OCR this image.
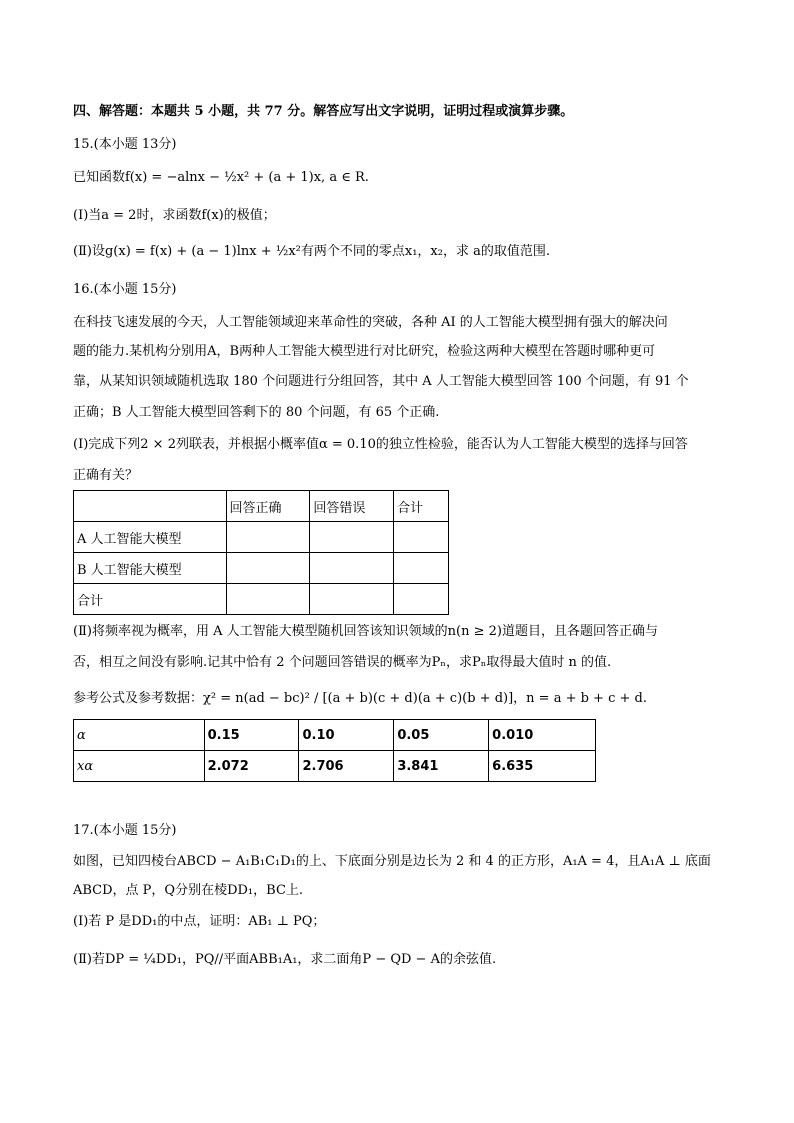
四、解答题：本题共 5 小题，共 77 分。解答应写出文字说明，证明过程或演算步骤。
15.(本小题 13分)
已知函数f(x) = −alnx − ½x² + (a + 1)x, a ∈ R.
(Ⅰ)当a = 2时，求函数f(x)的极值；
(Ⅱ)设g(x) = f(x) + (a − 1)lnx + ½x²有两个不同的零点x₁，x₂，求 a的取值范围.
16.(本小题 15分)
在科技飞速发展的今天，人工智能领域迎来革命性的突破，各种 AI 的人工智能大模型拥有强大的解决问
题的能力.某机构分别用A，B两种人工智能大模型进行对比研究，检验这两种大模型在答题时哪种更可
靠，从某知识领域随机选取 180 个问题进行分组回答，其中 A 人工智能大模型回答 100 个问题，有 91 个
正确；B 人工智能大模型回答剩下的 80 个问题，有 65 个正确.
(Ⅰ)完成下列2 × 2列联表，并根据小概率值α = 0.10的独立性检验，能否认为人工智能大模型的选择与回答
正确有关？
	回答正确	回答错误	合计
A 人工智能大模型			
B 人工智能大模型			
合计			
(Ⅱ)将频率视为概率，用 A 人工智能大模型随机回答该知识领域的n(n ≥ 2)道题目，且各题回答正确与
否，相互之间没有影响.记其中恰有 2 个问题回答错误的概率为Pₙ，求Pₙ取得最大值时 n 的值.
参考公式及参考数据：χ² = n(ad − bc)² / [(a + b)(c + d)(a + c)(b + d)]，n = a + b + c + d.
α	0.15	0.10	0.05	0.010
xα	2.072	2.706	3.841	6.635
17.(本小题 15分)
如图，已知四棱台ABCD − A₁B₁C₁D₁的上、下底面分别是边长为 2 和 4 的正方形，A₁A = 4，且A₁A ⊥ 底面
ABCD，点 P，Q分别在棱DD₁，BC上.
(Ⅰ)若 P 是DD₁的中点，证明：AB₁ ⊥ PQ；
(Ⅱ)若DP = ¼DD₁，PQ//平面ABB₁A₁，求二面角P − QD − A的余弦值.
